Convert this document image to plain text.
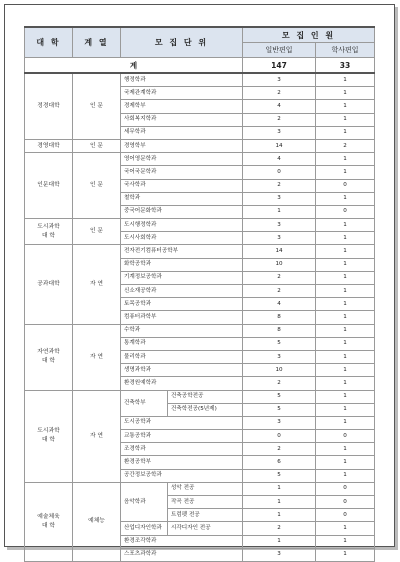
대 학	계 열	모 집 단 위		모 집 인 원	
				일반편입	학사편입
계				147	33
정경대학	인 문	행정학과		3	1
		국제관계학과		2	1
		경제학부		4	1
		사회복지학과		2	1
		세무학과		3	1
경영대학	인 문	경영학부		14	2
인문대학	인 문	영어영문학과		4	1
		국어국문학과		0	1
		국사학과		2	0
		철학과		3	1
		중국어문화학과		1	0

도시과학
대 학	인 문	도시행정학과		3	1
		도시사회학과		3	1
공과대학	자 연	전자전기컴퓨터공학부		14	1
		화학공학과		10	1
		기계정보공학과		2	1
		신소재공학과		2	1
		토목공학과		4	1
		컴퓨터과학부		8	1

자연과학
대 학	자 연	수학과		8	1
		통계학과		5	1
		물리학과		3	1
		생명과학과		10	1
		환경원예학과		2	1

도시과학
대 학	자 연	건축학부	건축공학전공	5	1
			건축학전공(5년제)	5	1
		도시공학과		3	1
		교통공학과		0	0
		조경학과		2	1
		환경공학부		6	1
		공간정보공학과		5	1

예술체육
대 학	예체능	음악학과	성악 전공	1	0
			작곡 전공	1	0
			트럼펫 전공	1	0
		산업디자인학과	시각디자인 전공	2	1
		환경조각학과		1	1
		스포츠과학과		3	1
